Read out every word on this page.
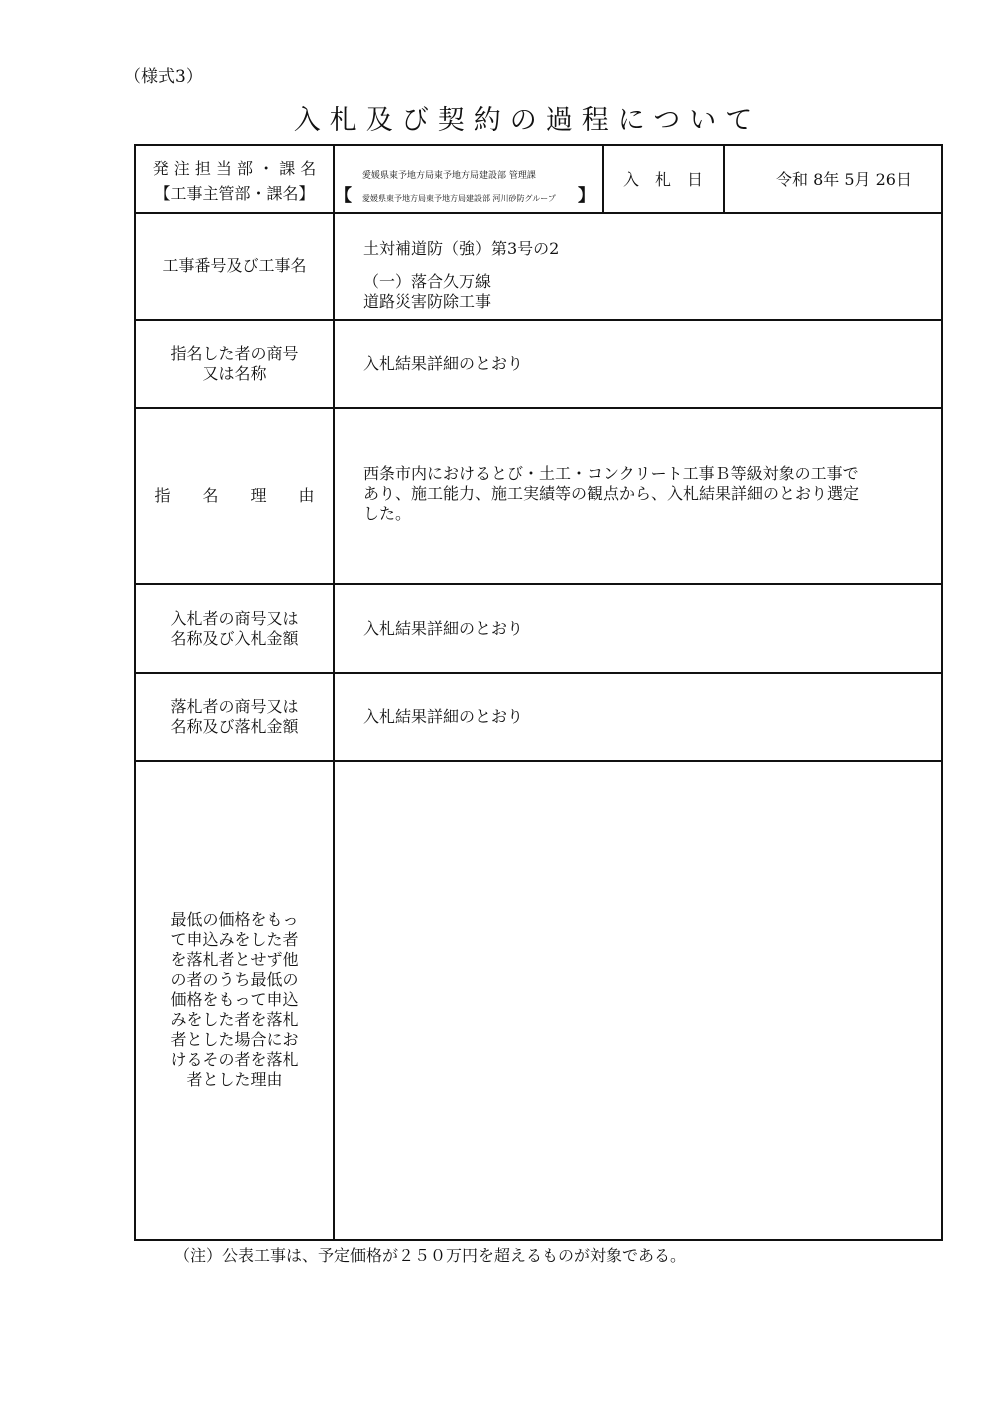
（様式3）
入札及び契約の過程について
発 注 担 当 部 ・ 課 名
【工事主管部・課名】
愛媛県東予地方局東予地方局建設部 管理課
【 愛媛県東予地方局東予地方局建設部 河川砂防グループ 】
入　札　日	令和 8年 5月 26日
工事番号及び工事名
土対補道防（強）第3号の2
（一）落合久万線
道路災害防除工事
指名した者の商号
又は名称
入札結果詳細のとおり
指　　名　　理　　由
西条市内におけるとび・土工・コンクリート工事Ｂ等級対象の工事で
あり、施工能力、施工実績等の観点から、入札結果詳細のとおり選定
した。
入札者の商号又は
名称及び入札金額
入札結果詳細のとおり
落札者の商号又は
名称及び落札金額
入札結果詳細のとおり
最低の価格をもっ
て申込みをした者
を落札者とせず他
の者のうち最低の
価格をもって申込
みをした者を落札
者とした場合にお
けるその者を落札
者とした理由
（注）公表工事は、予定価格が２５０万円を超えるものが対象である。
